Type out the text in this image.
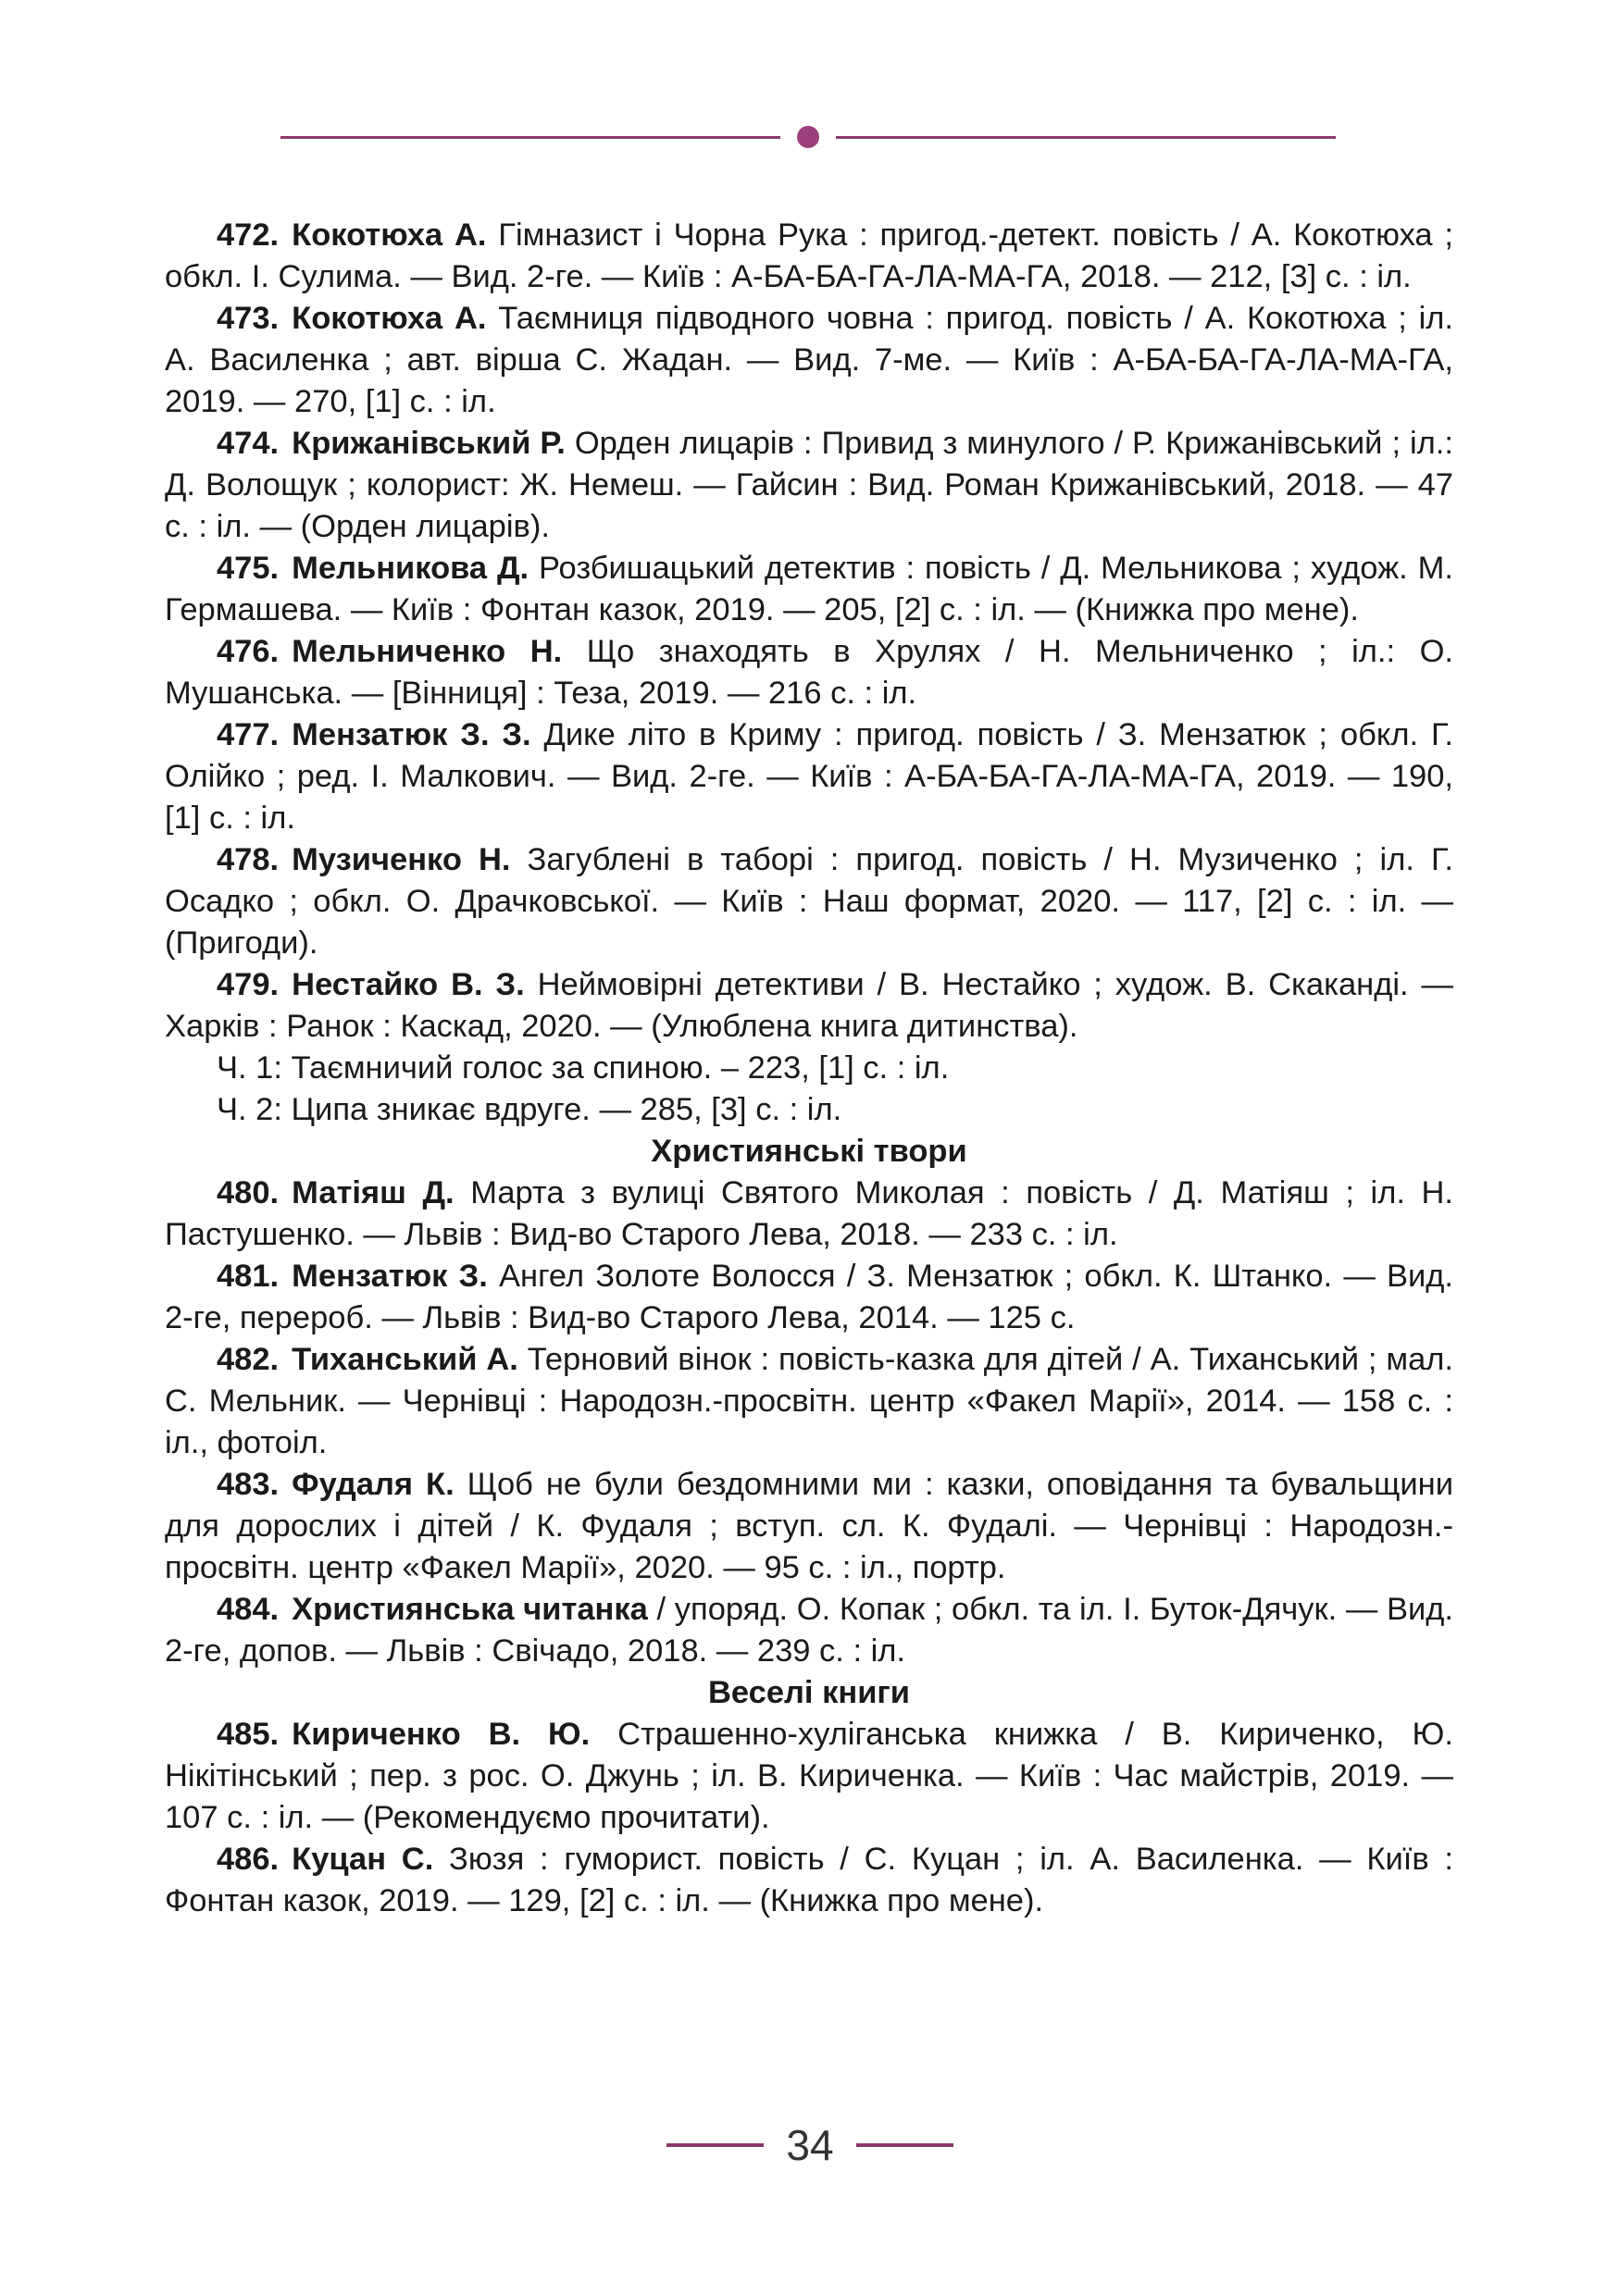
472. Кокотюха А. Гімназист і Чорна Рука : пригод.-детект. повість / А. Кокотюха ; обкл. І. Сулима. — Вид. 2-ге. — Київ : А-БА-БА-ГА-ЛА-МА-ГА, 2018. — 212, [3] с. : іл.

473. Кокотюха А. Таємниця підводного човна : пригод. повість / А. Кокотюха ; іл. А. Василенка ; авт. вірша С. Жадан. — Вид. 7-ме. — Київ : А-БА-БА-ГА-ЛА-МА-ГА, 2019. — 270, [1] с. : іл.

474. Крижанівський Р. Орден лицарів : Привид з минулого / Р. Крижанівський ; іл.: Д. Волощук ; колорист: Ж. Немеш. — Гайсин : Вид. Роман Крижанівський, 2018. — 47 с. : іл. — (Орден лицарів).

475. Мельникова Д. Розбишацький детектив : повість / Д. Мельникова ; худож. М. Гермашева. — Київ : Фонтан казок, 2019. — 205, [2] с. : іл. — (Книжка про мене).

476. Мельниченко Н. Що знаходять в Хрулях / Н. Мельниченко ; іл.: О. Мушанська. — [Вінниця] : Теза, 2019. — 216 с. : іл.

477. Мензатюк З. З. Дике літо в Криму : пригод. повість / З. Мензатюк ; обкл. Г. Олійко ; ред. І. Малкович. — Вид. 2-ге. — Київ : А-БА-БА-ГА-ЛА-МА-ГА, 2019. — 190, [1] с. : іл.

478. Музиченко Н. Загублені в таборі : пригод. повість / Н. Музиченко ; іл. Г. Осадко ; обкл. О. Драчковської. — Київ : Наш формат, 2020. — 117, [2] с. : іл. — (Пригоди).

479. Нестайко В. З. Неймовірні детективи / В. Нестайко ; худож. В. Скаканді. — Харків : Ранок : Каскад, 2020. — (Улюблена книга дитинства).

Ч. 1: Таємничий голос за спиною. – 223, [1] с. : іл.

Ч. 2: Ципа зникає вдруге. — 285, [3] с. : іл.

Християнські твори

480. Матіяш Д. Марта з вулиці Святого Миколая : повість / Д. Матіяш ; іл. Н. Пастушенко. — Львів : Вид-во Старого Лева, 2018. — 233 с. : іл.

481. Мензатюк З. Ангел Золоте Волосся / З. Мензатюк ; обкл. К. Штанко. — Вид. 2-ге, перероб. — Львів : Вид-во Старого Лева, 2014. — 125 с.

482. Тиханський А. Терновий вінок : повість-казка для дітей / А. Тиханський ; мал. С. Мельник. — Чернівці : Народозн.-просвітн. центр «Факел Марії», 2014. — 158 с. : іл., фотоіл.

483. Фудаля К. Щоб не були бездомними ми : казки, оповідання та бувальщини для дорослих і дітей / К. Фудаля ; вступ. сл. К. Фудалі. — Чернівці : Народозн.-просвітн. центр «Факел Марії», 2020. — 95 с. : іл., портр.

484. Християнська читанка / упоряд. О. Копак ; обкл. та іл. І. Буток-Дячук. — Вид. 2-ге, допов. — Львів : Свічадо, 2018. — 239 с. : іл.

Веселі книги

485. Кириченко В. Ю. Страшенно-хуліганська книжка / В. Кириченко, Ю. Нікітінський ; пер. з рос. О. Джунь ; іл. В. Кириченка. — Київ : Час майстрів, 2019. — 107 с. : іл. — (Рекомендуємо прочитати).

486. Куцан С. Зюзя : гуморист. повість / С. Куцан ; іл. А. Василенка. — Київ : Фонтан казок, 2019. — 129, [2] с. : іл. — (Книжка про мене).

34
